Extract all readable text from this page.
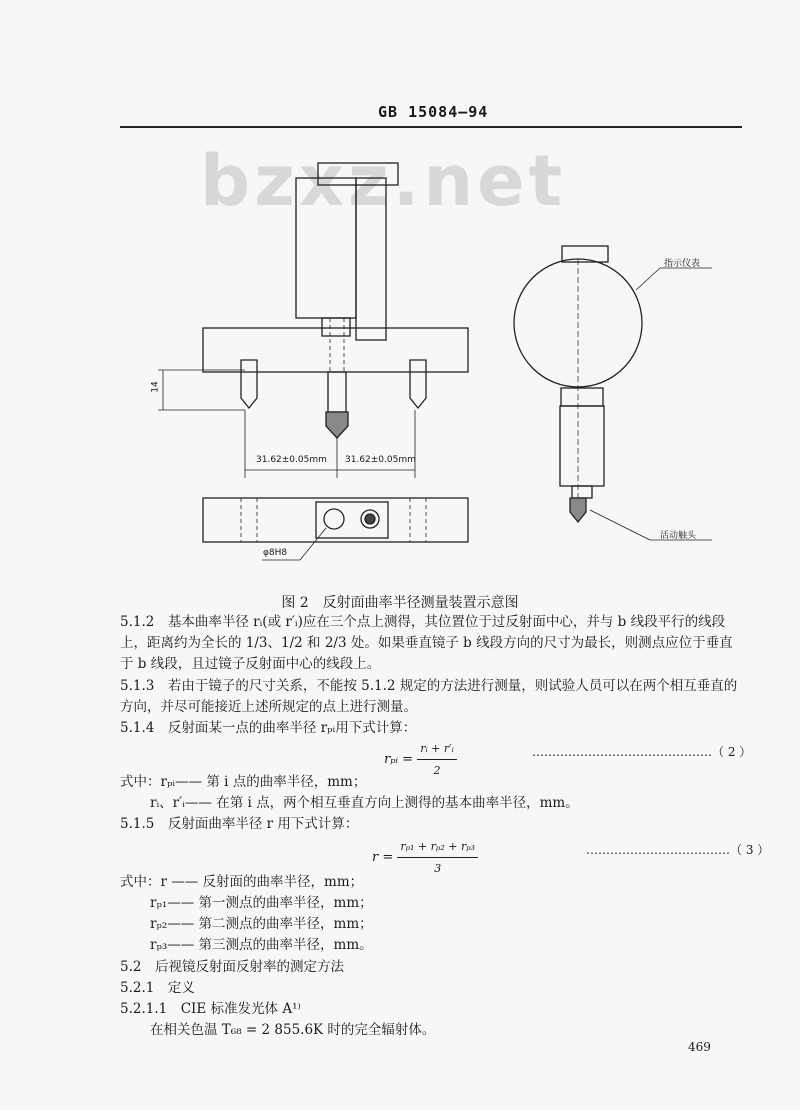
GB 15084—94
bzxz.net
14
31.62±0.05mm 31.62±0.05mm
φ8H8
指示仪表
活动触头
图 2　反射面曲率半径测量装置示意图
5.1.2　基本曲率半径 rᵢ(或 r′ᵢ)应在三个点上测得，其位置位于过反射面中心，并与 b 线段平行的线段上，距离约为全长的 1/3、1/2 和 2/3 处。如果垂直镜子 b 线段方向的尺寸为最长，则测点应位于垂直于 b 线段，且过镜子反射面中心的线段上。
5.1.3　若由于镜子的尺寸关系，不能按 5.1.2 规定的方法进行测量，则试验人员可以在两个相互垂直的方向，并尽可能接近上述所规定的点上进行测量。
5.1.4　反射面某一点的曲率半径 rₚᵢ用下式计算：
rₚᵢ = $\frac{\text{rᵢ + r′ᵢ}}{2}$	………………………………………（ 2 ）
式中：rₚᵢ—— 第 i 点的曲率半径，mm；
rᵢ、r′ᵢ—— 在第 i 点，两个相互垂直方向上测得的基本曲率半径，mm。
5.1.5　反射面曲率半径 r 用下式计算：
$r = \frac{\text{rₚ₁ + rₚ₂ + rₚ₃}}{3}$	………………………………（ 3 ）
式中：r —— 反射面的曲率半径，mm；
rₚ₁—— 第一测点的曲率半径，mm；
rₚ₂—— 第二测点的曲率半径，mm；
rₚ₃—— 第三测点的曲率半径，mm。
5.2　后视镜反射面反射率的测定方法
5.2.1　定义
5.2.1.1　CIE 标准发光体 A¹⁾
在相关色温 T₆₈ = 2 855.6K 时的完全辐射体。
469
